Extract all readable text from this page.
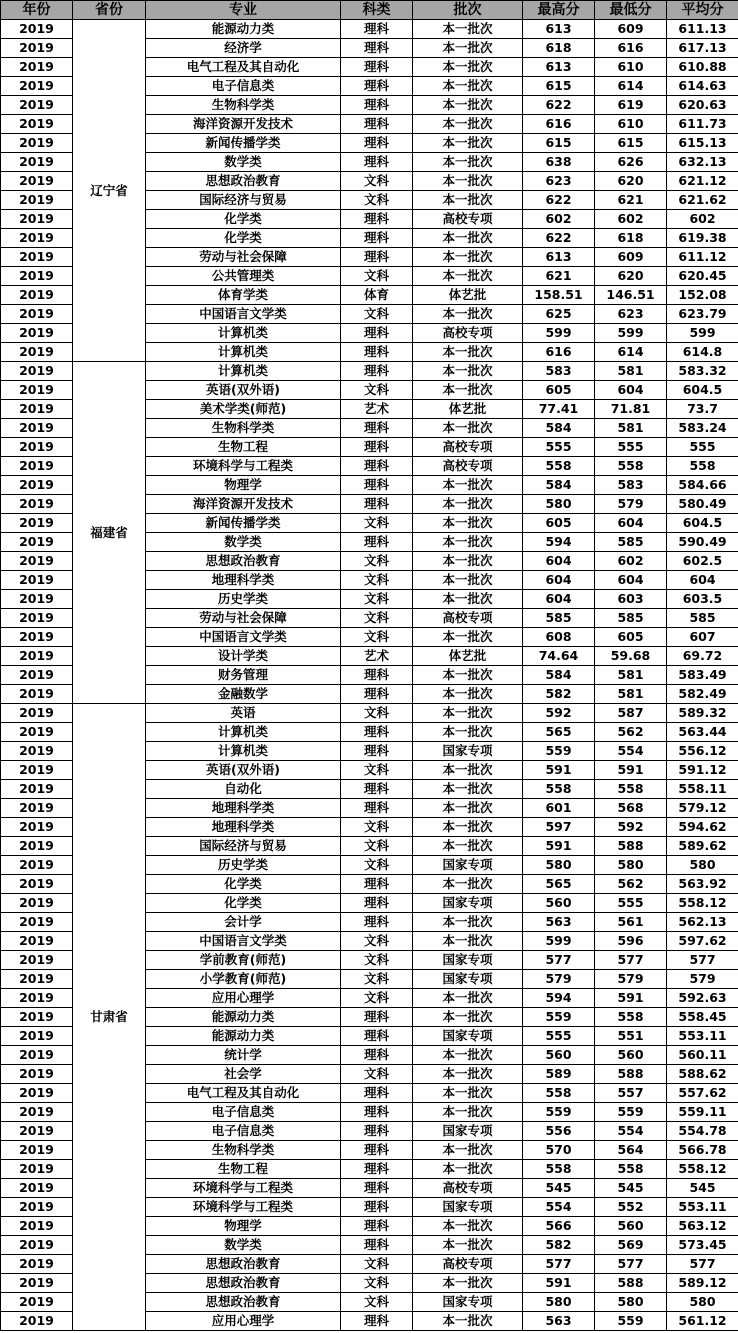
年份	省份	专业	科类	批次	最高分	最低分	平均分
2019	辽宁省	能源动力类	理科	本一批次	613	609	611.13
2019		经济学	理科	本一批次	618	616	617.13
2019		电气工程及其自动化	理科	本一批次	613	610	610.88
2019		电子信息类	理科	本一批次	615	614	614.63
2019		生物科学类	理科	本一批次	622	619	620.63
2019		海洋资源开发技术	理科	本一批次	616	610	611.73
2019		新闻传播学类	理科	本一批次	615	615	615.13
2019		数学类	理科	本一批次	638	626	632.13
2019		思想政治教育	文科	本一批次	623	620	621.12
2019		国际经济与贸易	文科	本一批次	622	621	621.62
2019		化学类	理科	高校专项	602	602	602
2019		化学类	理科	本一批次	622	618	619.38
2019		劳动与社会保障	理科	本一批次	613	609	611.12
2019		公共管理类	文科	本一批次	621	620	620.45
2019		体育学类	体育	体艺批	158.51	146.51	152.08
2019		中国语言文学类	文科	本一批次	625	623	623.79
2019		计算机类	理科	高校专项	599	599	599
2019		计算机类	理科	本一批次	616	614	614.8
2019	福建省	计算机类	理科	本一批次	583	581	583.32
2019		英语(双外语)	文科	本一批次	605	604	604.5
2019		美术学类(师范)	艺术	体艺批	77.41	71.81	73.7
2019		生物科学类	理科	本一批次	584	581	583.24
2019		生物工程	理科	高校专项	555	555	555
2019		环境科学与工程类	理科	高校专项	558	558	558
2019		物理学	理科	本一批次	584	583	584.66
2019		海洋资源开发技术	理科	本一批次	580	579	580.49
2019		新闻传播学类	文科	本一批次	605	604	604.5
2019		数学类	理科	本一批次	594	585	590.49
2019		思想政治教育	文科	本一批次	604	602	602.5
2019		地理科学类	文科	本一批次	604	604	604
2019		历史学类	文科	本一批次	604	603	603.5
2019		劳动与社会保障	文科	高校专项	585	585	585
2019		中国语言文学类	文科	本一批次	608	605	607
2019		设计学类	艺术	体艺批	74.64	59.68	69.72
2019		财务管理	理科	本一批次	584	581	583.49
2019		金融数学	理科	本一批次	582	581	582.49
2019	甘肃省	英语	文科	本一批次	592	587	589.32
2019		计算机类	理科	本一批次	565	562	563.44
2019		计算机类	理科	国家专项	559	554	556.12
2019		英语(双外语)	文科	本一批次	591	591	591.12
2019		自动化	理科	本一批次	558	558	558.11
2019		地理科学类	理科	本一批次	601	568	579.12
2019		地理科学类	文科	本一批次	597	592	594.62
2019		国际经济与贸易	文科	本一批次	591	588	589.62
2019		历史学类	文科	国家专项	580	580	580
2019		化学类	理科	本一批次	565	562	563.92
2019		化学类	理科	国家专项	560	555	558.12
2019		会计学	理科	本一批次	563	561	562.13
2019		中国语言文学类	文科	本一批次	599	596	597.62
2019		学前教育(师范)	文科	国家专项	577	577	577
2019		小学教育(师范)	文科	国家专项	579	579	579
2019		应用心理学	文科	本一批次	594	591	592.63
2019		能源动力类	理科	本一批次	559	558	558.45
2019		能源动力类	理科	国家专项	555	551	553.11
2019		统计学	理科	本一批次	560	560	560.11
2019		社会学	文科	本一批次	589	588	588.62
2019		电气工程及其自动化	理科	本一批次	558	557	557.62
2019		电子信息类	理科	本一批次	559	559	559.11
2019		电子信息类	理科	国家专项	556	554	554.78
2019		生物科学类	理科	本一批次	570	564	566.78
2019		生物工程	理科	本一批次	558	558	558.12
2019		环境科学与工程类	理科	高校专项	545	545	545
2019		环境科学与工程类	理科	国家专项	554	552	553.11
2019		物理学	理科	本一批次	566	560	563.12
2019		数学类	理科	本一批次	582	569	573.45
2019		思想政治教育	文科	高校专项	577	577	577
2019		思想政治教育	文科	本一批次	591	588	589.12
2019		思想政治教育	文科	国家专项	580	580	580
2019		应用心理学	理科	本一批次	563	559	561.12
